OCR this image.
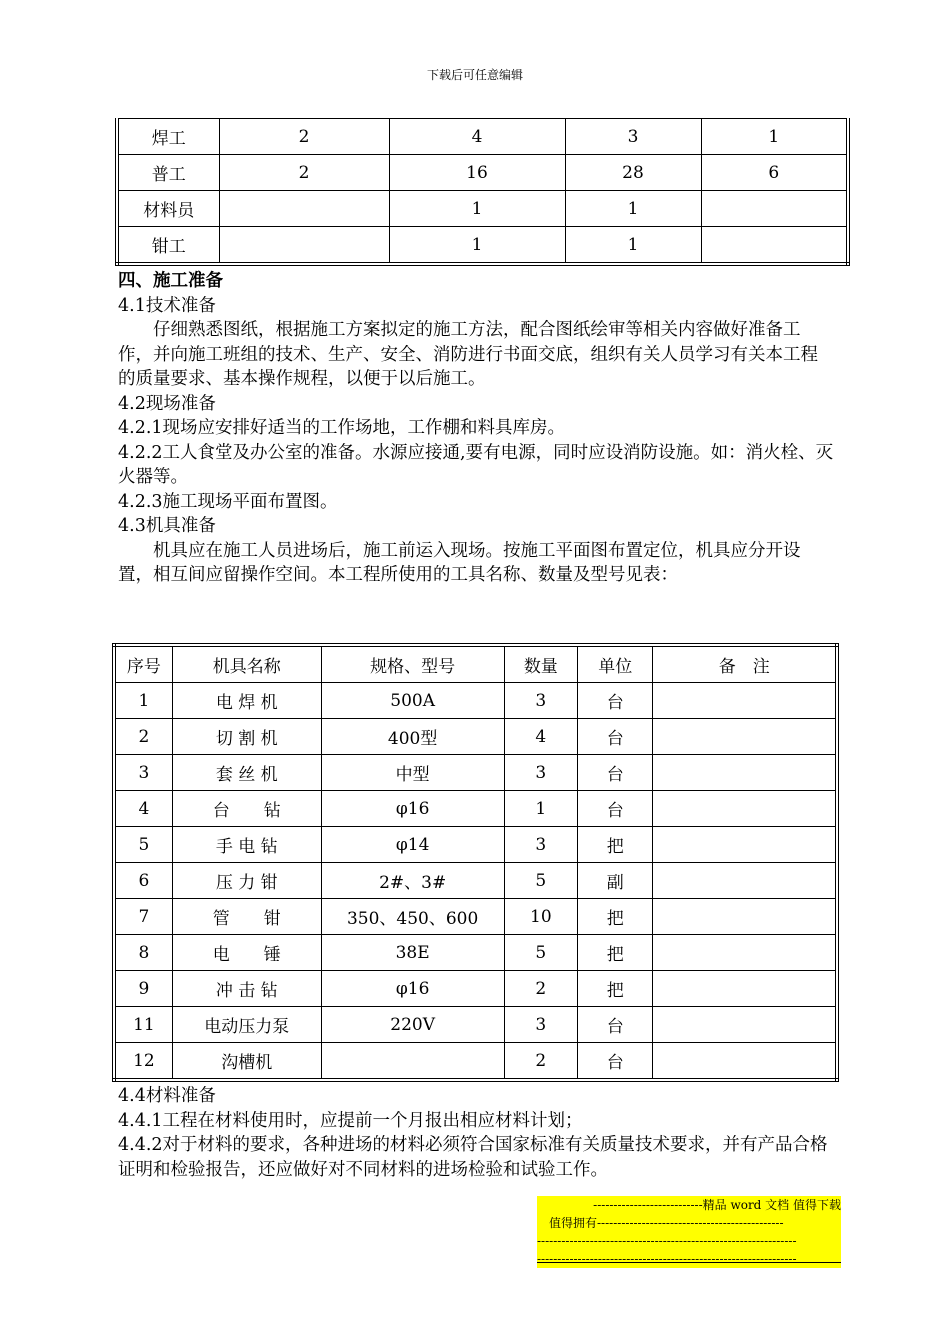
下载后可任意编辑
焊工	2	4	3	1
普工	2	16	28	6
材料员		1	1	
钳工		1	1	

四、施工准备

4.1技术准备

仔细熟悉图纸，根据施工方案拟定的施工方法，配合图纸绘审等相关内容做好准备工作，并向施工班组的技术、生产、安全、消防进行书面交底，组织有关人员学习有关本工程的质量要求、基本操作规程，以便于以后施工。

4.2现场准备

4.2.1现场应安排好适当的工作场地，工作棚和料具库房。

4.2.2工人食堂及办公室的准备。水源应接通,要有电源，同时应设消防设施。如：消火栓、灭火器等。

4.2.3施工现场平面布置图。

4.3机具准备

机具应在施工人员进场后，施工前运入现场。按施工平面图布置定位，机具应分开设置，相互间应留操作空间。本工程所使用的工具名称、数量及型号见表：

序号	机具名称	规格、型号	数量	单位	备　注
1	电 焊 机	500A	3	台	
2	切 割 机	400型	4	台	
3	套 丝 机	中型	3	台	
4	台　　钻	φ16	1	台	
5	手 电 钻	φ14	3	把	
6	压 力 钳	2#、3#	5	副	
7	管　　钳	350、450、600	10	把	
8	电　　锤	38E	5	把	
9	冲 击 钻	φ16	2	把	
11	电动压力泵	220V	3	台	
12	沟槽机		2	台	

4.4材料准备

4.4.1工程在材料使用时，应提前一个月报出相应材料计划；

4.4.2对于材料的要求，各种进场的材料必须符合国家标准有关质量技术要求，并有产品合格证明和检验报告，还应做好对不同材料的进场检验和试验工作。

---------------------------精品 word 文档 值得下载
值得拥有----------------------------------------------
----------------------------------------------------------------
----------------------------------------------------------------
